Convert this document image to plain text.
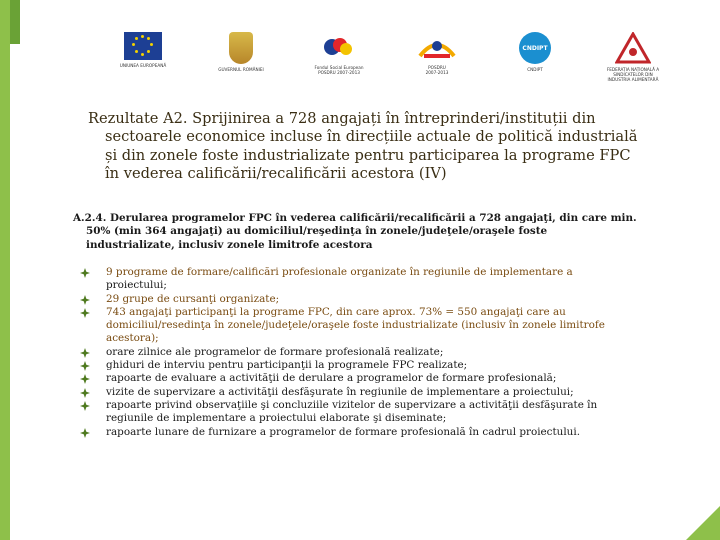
UNIUNEA EUROPEANĂ
GUVERNUL ROMÂNIEI	Fondul Social European
POSDRU 2007-2013
POSDRU
2007-2013
CNDIPT
CNDIPT	FEDERAȚIA NAȚIONALĂ A
SINDICATELOR DIN
INDUSTRIA ALIMENTARĂ
Rezultate A2. Sprijinirea a 728 angajați în întreprinderi/instituții din
sectoarele economice incluse în direcțiile actuale de politică industrială
și din zonele foste industrializate pentru participarea la programe FPC
în vederea calificării/recalificării acestora (IV)
A.2.4. Derularea programelor FPC în vederea calificării/recalificării a 728 angajaţi, din care min.
50% (min 364 angajaţi) au domiciliul/reşedinţa în zonele/judeţele/oraşele foste
industrializate, inclusiv zonele limitrofe acestora
9 programe de formare/calificări profesionale organizate în regiunile de implementare a
proiectului;
29 grupe de cursanţi organizate;
743 angajaţi participanţi la programe FPC, din care aprox. 73% = 550 angajaţi care au
domiciliul/resedinţa în zonele/judeţele/oraşele foste industrializate (inclusiv în zonele limitrofe
acestora);
orare zilnice ale programelor de formare profesională realizate;
ghiduri de interviu pentru participanţii la programele FPC realizate;
rapoarte de evaluare a activităţii de derulare a programelor de formare profesională;
vizite de supervizare a activităţii desfăşurate în regiunile de implementare a proiectului;
rapoarte privind observaţiile şi concluziile vizitelor de supervizare a activităţii desfăşurate în
regiunile de implementare a proiectului elaborate şi diseminate;
rapoarte lunare de furnizare a programelor de formare profesională în cadrul proiectului.
